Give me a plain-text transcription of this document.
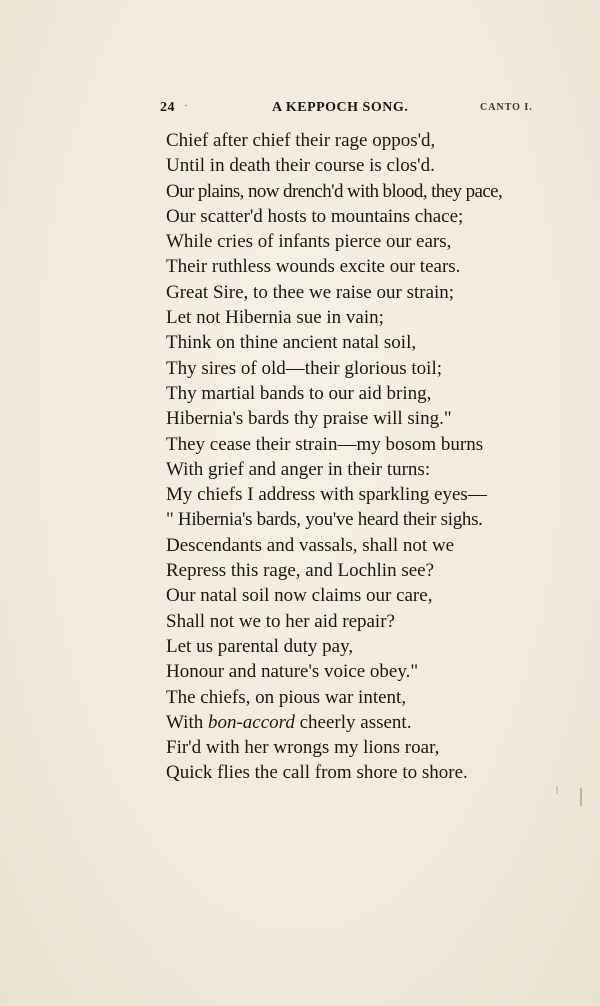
24 ·	A KEPPOCH SONG.	CANTO I.
Chief after chief their rage oppos'd,
Until in death their course is clos'd.
Our plains, now drench'd with blood, they pace,
Our scatter'd hosts to mountains chace;
While cries of infants pierce our ears,
Their ruthless wounds excite our tears.
Great Sire, to thee we raise our strain;
Let not Hibernia sue in vain;
Think on thine ancient natal soil,
Thy sires of old—their glorious toil;
Thy martial bands to our aid bring,
Hibernia's bards thy praise will sing."
They cease their strain—my bosom burns
With grief and anger in their turns:
My chiefs I address with sparkling eyes—
" Hibernia's bards, you've heard their sighs.
Descendants and vassals, shall not we
Repress this rage, and Lochlin see?
Our natal soil now claims our care,
Shall not we to her aid repair?
Let us parental duty pay,
Honour and nature's voice obey."
The chiefs, on pious war intent,
With bon-accord cheerly assent.
Fir'd with her wrongs my lions roar,
Quick flies the call from shore to shore.
